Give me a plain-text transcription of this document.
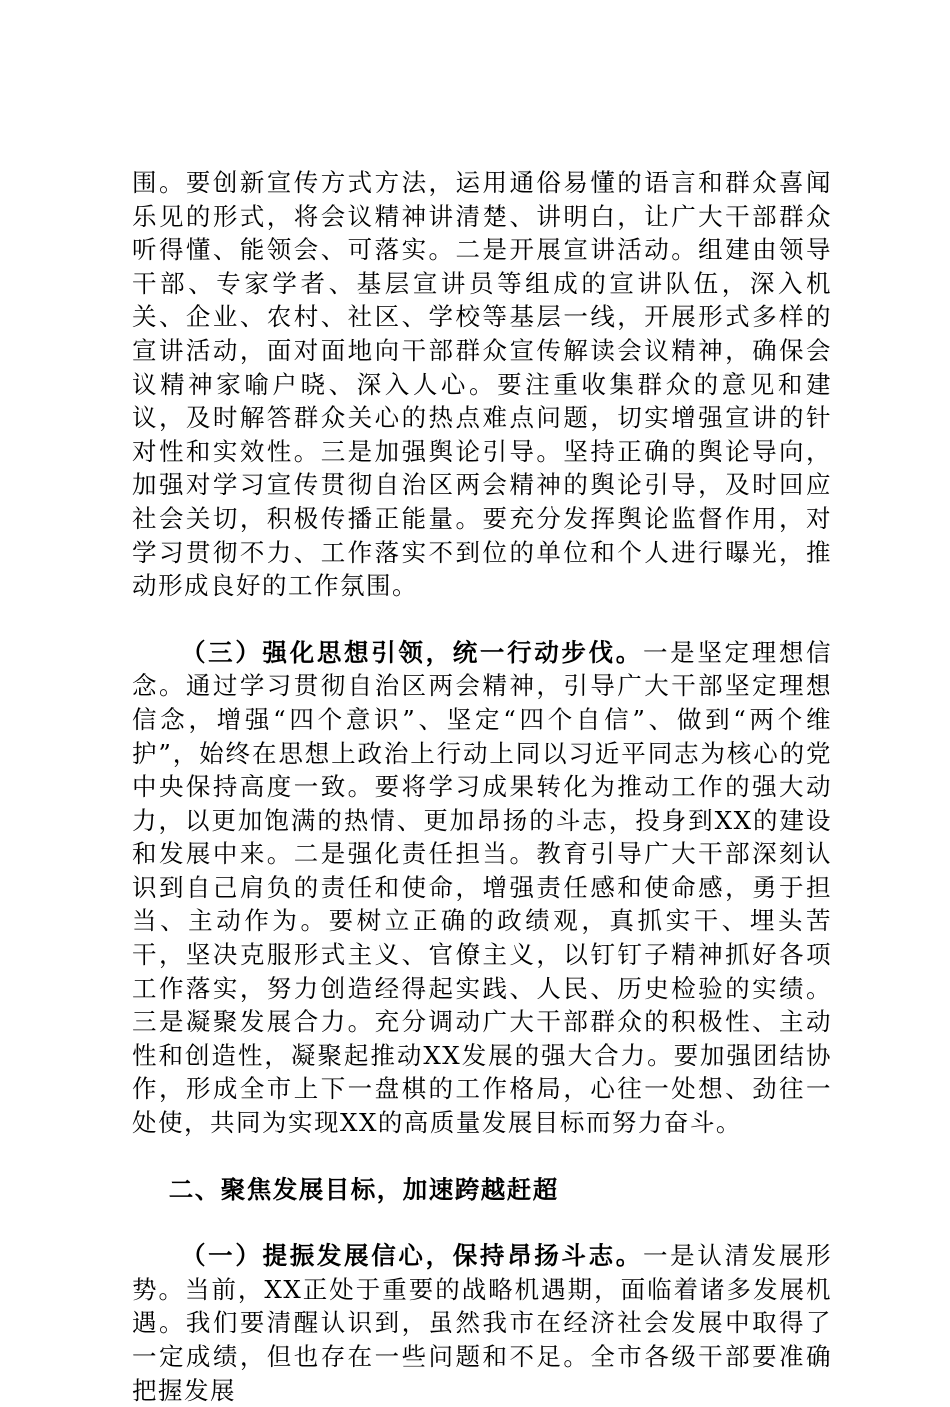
围。要创新宣传方式方法，运用通俗易懂的语言和群众喜闻乐见的形式，将会议精神讲清楚、讲明白，让广大干部群众听得懂、能领会、可落实。二是开展宣讲活动。组建由领导干部、专家学者、基层宣讲员等组成的宣讲队伍，深入机关、企业、农村、社区、学校等基层一线，开展形式多样的宣讲活动，面对面地向干部群众宣传解读会议精神，确保会议精神家喻户晓、深入人心。要注重收集群众的意见和建议，及时解答群众关心的热点难点问题，切实增强宣讲的针对性和实效性。三是加强舆论引导。坚持正确的舆论导向，加强对学习宣传贯彻自治区两会精神的舆论引导，及时回应社会关切，积极传播正能量。要充分发挥舆论监督作用，对学习贯彻不力、工作落实不到位的单位和个人进行曝光，推动形成良好的工作氛围。

（三）强化思想引领，统一行动步伐。一是坚定理想信念。通过学习贯彻自治区两会精神，引导广大干部坚定理想信念，增强“四个意识”、坚定“四个自信”、做到“两个维护”，始终在思想上政治上行动上同以习近平同志为核心的党中央保持高度一致。要将学习成果转化为推动工作的强大动力，以更加饱满的热情、更加昂扬的斗志，投身到XX的建设和发展中来。二是强化责任担当。教育引导广大干部深刻认识到自己肩负的责任和使命，增强责任感和使命感，勇于担当、主动作为。要树立正确的政绩观，真抓实干、埋头苦干，坚决克服形式主义、官僚主义，以钉钉子精神抓好各项工作落实，努力创造经得起实践、人民、历史检验的实绩。三是凝聚发展合力。充分调动广大干部群众的积极性、主动性和创造性，凝聚起推动XX发展的强大合力。要加强团结协作，形成全市上下一盘棋的工作格局，心往一处想、劲往一处使，共同为实现XX的高质量发展目标而努力奋斗。

二、聚焦发展目标，加速跨越赶超

（一）提振发展信心，保持昂扬斗志。一是认清发展形势。当前，XX正处于重要的战略机遇期，面临着诸多发展机遇。我们要清醒认识到，虽然我市在经济社会发展中取得了一定成绩，但也存在一些问题和不足。全市各级干部要准确把握发展
